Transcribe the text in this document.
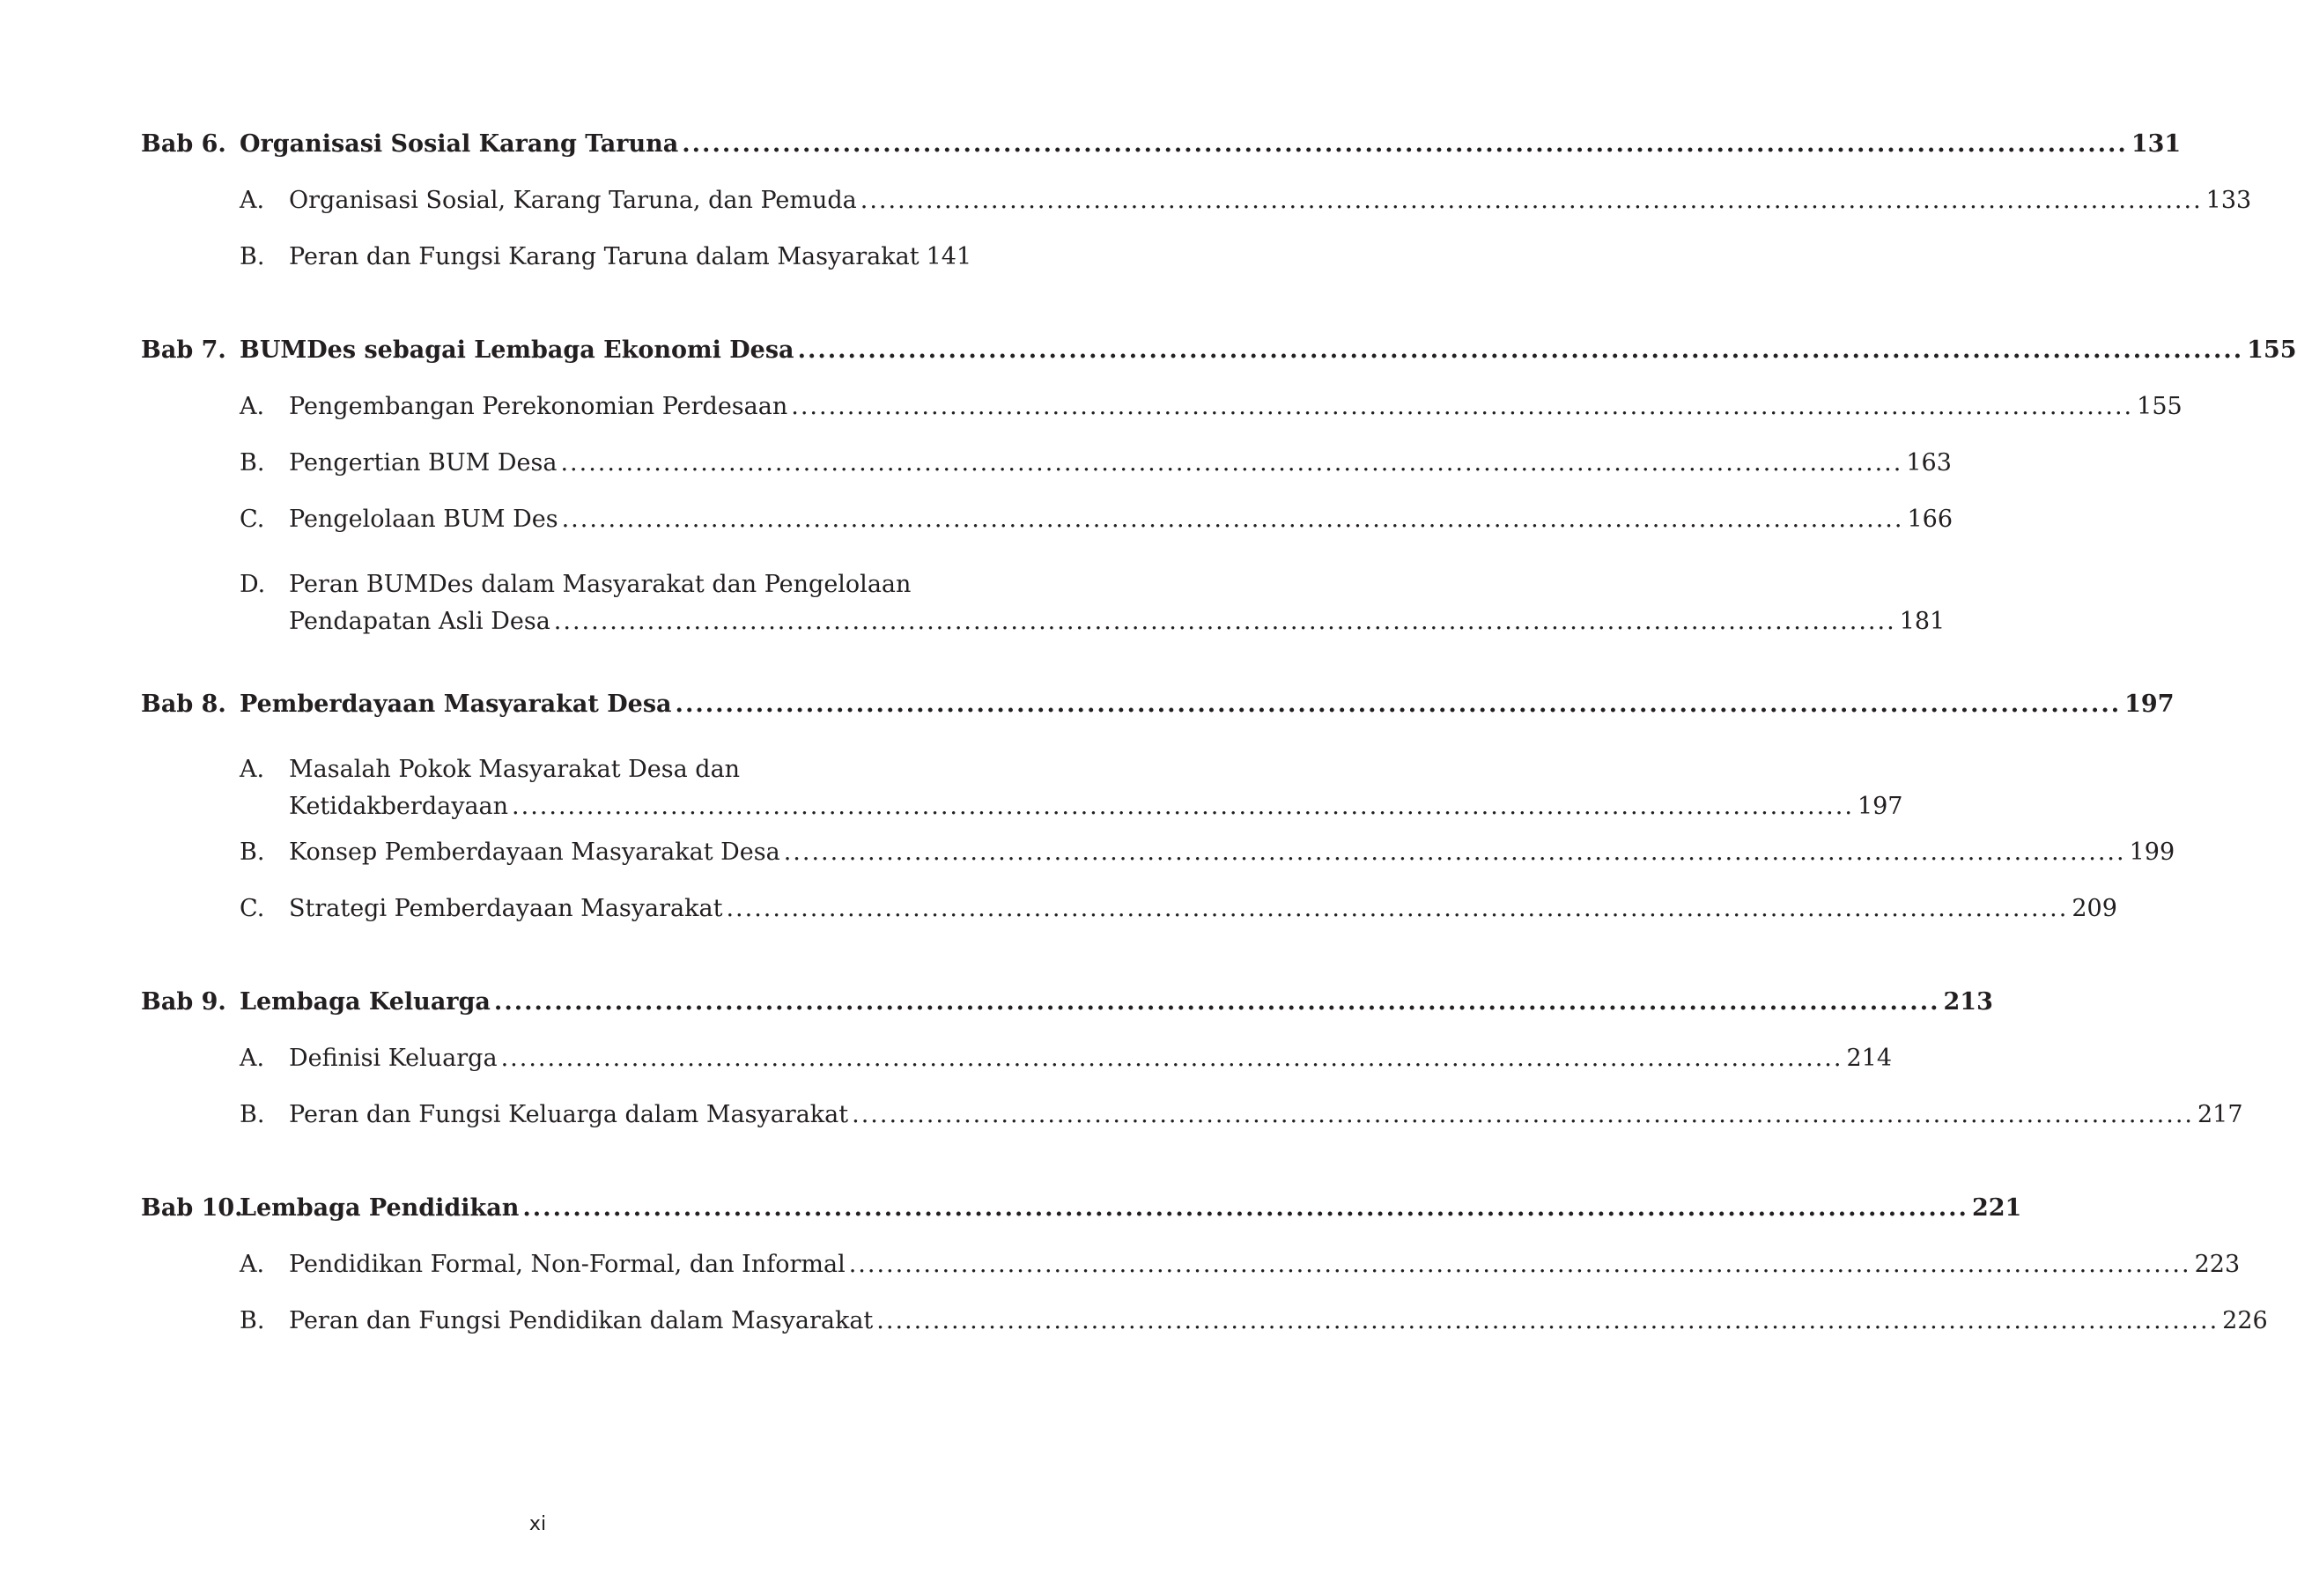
Bab 6. Organisasi Sosial Karang Taruna .....	131
A.	Organisasi Sosial, Karang Taruna, dan Pemuda .....	133
B.	Peran dan Fungsi Karang Taruna dalam Masyarakat 141
Bab 7. BUMDes sebagai Lembaga Ekonomi Desa .....	155
A.	Pengembangan Perekonomian Perdesaan .....	155
B.	Pengertian BUM Desa .....	163
C.	Pengelolaan BUM Des .....	166
D. Peran BUMDes dalam Masyarakat dan Pengelolaan
Pendapatan Asli Desa .....	181
Bab 8. Pemberdayaan Masyarakat Desa .....	197
A.	Masalah Pokok Masyarakat Desa dan
Ketidakberdayaan .....	197
B.	Konsep Pemberdayaan Masyarakat Desa .....	199
C.	Strategi Pemberdayaan Masyarakat .....	209
Bab 9. Lembaga Keluarga .....	213
A.	Definisi Keluarga .....	214
B.	Peran dan Fungsi Keluarga dalam Masyarakat .....	217
Bab 10.
Lembaga Pendidikan .....	221
A.	Pendidikan Formal, Non-Formal, dan Informal .....	223
B.	Peran dan Fungsi Pendidikan dalam Masyarakat .....	226
xi
